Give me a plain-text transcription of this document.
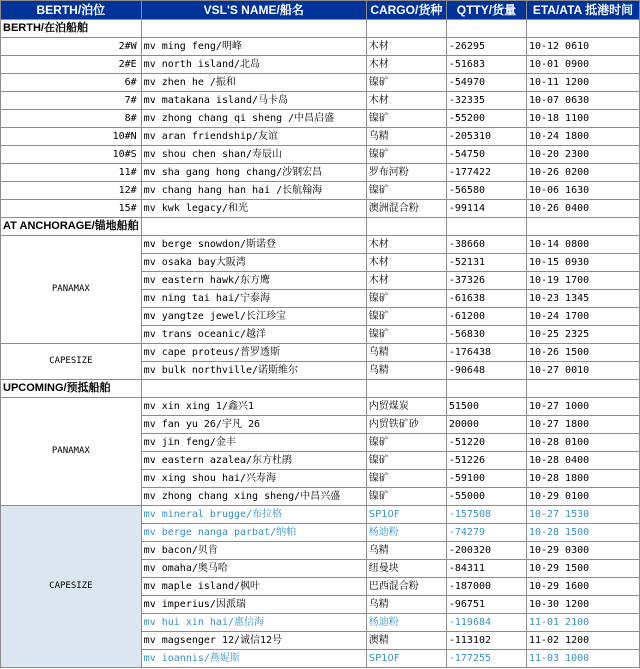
BERTH/泊位	VSL'S NAME/船名	CARGO/货种	QTTY/货量	ETA/ATA 抵港时间
BERTH/在泊船舶				
2#W	mv ming feng/明峰	木材	-26295	10-12 0610
2#E	mv north island/北岛	木材	-51683	10-01 0900
6#	mv zhen he /振和	镍矿	-54970	10-11 1200
7#	mv matakana island/马卡岛	木材	-32335	10-07 0630
8#	mv zhong chang qi sheng /中昌启盛	镍矿	-55200	10-18 1100
10#N	mv aran friendship/友谊	乌精	-205310	10-24 1800
10#S	mv shou chen shan/寿辰山	镍矿	-54750	10-20 2300
11#	mv sha gang hong chang/沙钢宏昌	罗布河粉	-177422	10-26 0200
12#	mv chang hang han hai /长航翰海	镍矿	-56580	10-06 1630
15#	mv kwk legacy/和光	澳洲混合粉	-99114	10-26 0400
AT ANCHORAGE/锚地船舶				
PANAMAX	mv berge snowdon/斯诺登	木材	-38660	10-14 0800
	mv osaka bay大阪湾	木材	-52131	10-15 0930
	mv eastern hawk/东方鹰	木材	-37326	10-19 1700
	mv ning tai hai/宁泰海	镍矿	-61638	10-23 1345
	mv yangtze jewel/长江珍宝	镍矿	-61200	10-24 1700
	mv trans oceanic/越洋	镍矿	-56830	10-25 2325
CAPESIZE	mv cape proteus/普罗透斯	乌精	-176438	10-26 1500
	mv bulk northville/诺斯维尔	乌精	-90648	10-27 0010
UPCOMING/预抵船舶				
PANAMAX	mv xin xing 1/鑫兴1	内贸煤炭	51500	10-27 1000
	mv fan yu 26/宇凡 26	内贸铁矿砂	20000	10-27 1800
	mv jin feng/金丰	镍矿	-51220	10-28 0100
	mv eastern azalea/东方杜鹃	镍矿	-51226	10-28 0400
	mv xing shou hai/兴寿海	镍矿	-59100	10-28 1800
	mv zhong chang xing sheng/中昌兴盛	镍矿	-55000	10-29 0100
CAPESIZE	mv mineral brugge/布拉格	SP10F	-157508	10-27 1530
	mv berge nanga parbat/纳帕	杨迪粉	-74279	10-28 1500
	mv bacon/贝肯	乌精	-200320	10-29 0300
	mv omaha/奥马哈	纽曼块	-84311	10-29 1500
	mv maple island/枫叶	巴西混合粉	-187000	10-29 1600
	mv imperius/因派瑞	乌精	-96751	10-30 1200
	mv hui xin hai/惠信海	杨迪粉	-119684	11-01 2100
	mv magsenger 12/诚信12号	澳精	-113102	11-02 1200
	mv ioannis/燕妮斯	SP10F	-177255	11-03 1000
